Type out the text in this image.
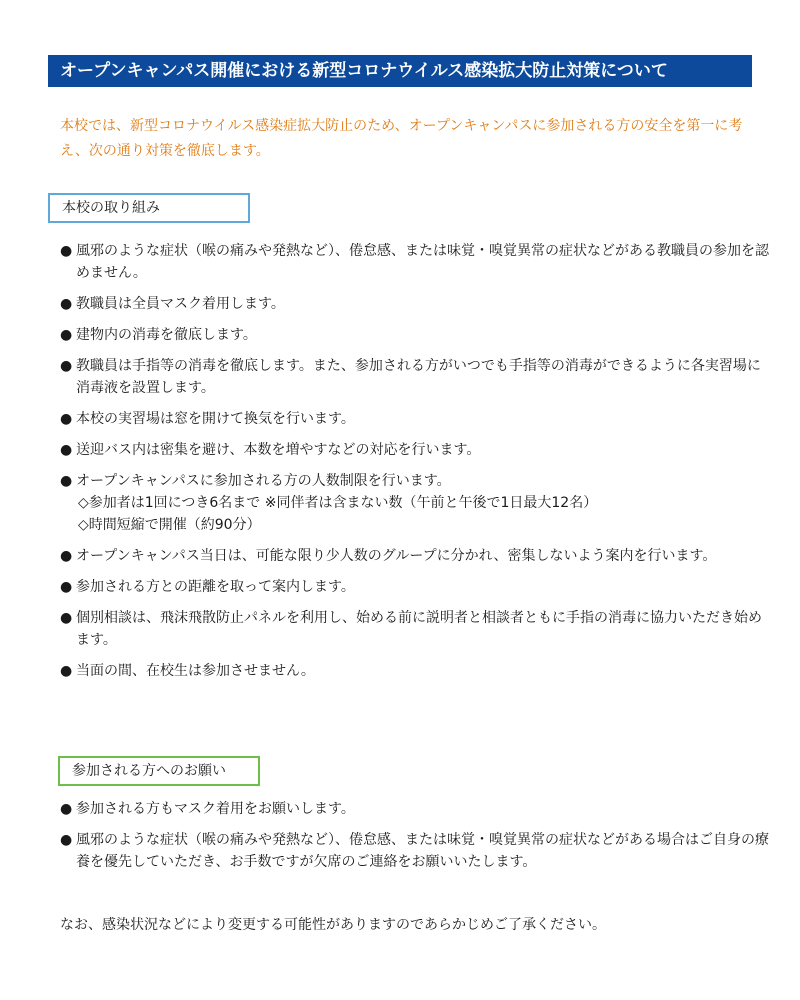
オープンキャンパス開催における新型コロナウイルス感染拡大防止対策について
本校では、新型コロナウイルス感染症拡大防止のため、オープンキャンパスに参加される方の安全を第一に考え、次の通り対策を徹底します。
本校の取り組み
● 風邪のような症状（喉の痛みや発熱など）、倦怠感、または味覚・嗅覚異常の症状などがある教職員の参加を認めません。
● 教職員は全員マスク着用します。
● 建物内の消毒を徹底します。
● 教職員は手指等の消毒を徹底します。また、参加される方がいつでも手指等の消毒ができるように各実習場に消毒液を設置します。
● 本校の実習場は窓を開けて換気を行います。
● 送迎バス内は密集を避け、本数を増やすなどの対応を行います。
● オープンキャンパスに参加される方の人数制限を行います。
◇参加者は1回につき6名まで ※同伴者は含まない数（午前と午後で1日最大12名）
◇時間短縮で開催（約90分）
● オープンキャンパス当日は、可能な限り少人数のグループに分かれ、密集しないよう案内を行います。
● 参加される方との距離を取って案内します。
● 個別相談は、飛沫飛散防止パネルを利用し、始める前に説明者と相談者ともに手指の消毒に協力いただき始めます。
● 当面の間、在校生は参加させません。
参加される方へのお願い
● 参加される方もマスク着用をお願いします。
● 風邪のような症状（喉の痛みや発熱など）、倦怠感、または味覚・嗅覚異常の症状などがある場合はご自身の療養を優先していただき、お手数ですが欠席のご連絡をお願いいたします。
なお、感染状況などにより変更する可能性がありますのであらかじめご了承ください。
